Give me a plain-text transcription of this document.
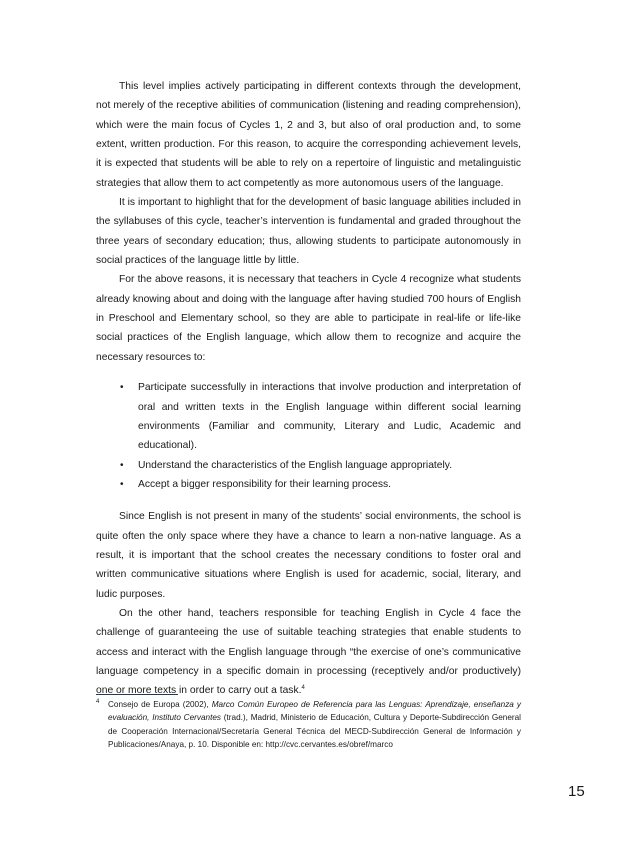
This level implies actively participating in different contexts through the development, not merely of the receptive abilities of communication (listening and reading comprehension), which were the main focus of Cycles 1, 2 and 3, but also of oral production and, to some extent, written production. For this reason, to acquire the corresponding achievement levels, it is expected that students will be able to rely on a repertoire of linguistic and metalinguistic strategies that allow them to act competently as more autonomous users of the language.

It is important to highlight that for the development of basic language abilities included in the syllabuses of this cycle, teacher’s intervention is fundamental and graded throughout the three years of secondary education; thus, allowing students to participate autonomously in social practices of the language little by little.

For the above reasons, it is necessary that teachers in Cycle 4 recognize what students already knowing about and doing with the language after having studied 700 hours of English in Preschool and Elementary school, so they are able to participate in real-life or life-like social practices of the English language, which allow them to recognize and acquire the necessary resources to:

• Participate successfully in interactions that involve production and interpretation of oral and written texts in the English language within different social learning environments (Familiar and community, Literary and Ludic, Academic and educational).
• Understand the characteristics of the English language appropriately.
• Accept a bigger responsibility for their learning process.

Since English is not present in many of the students’ social environments, the school is quite often the only space where they have a chance to learn a non-native language. As a result, it is important that the school creates the necessary conditions to foster oral and written communicative situations where English is used for academic, social, literary, and ludic purposes.

On the other hand, teachers responsible for teaching English in Cycle 4 face the challenge of guaranteeing the use of suitable teaching strategies that enable students to access and interact with the English language through “the exercise of one’s communicative language competency in a specific domain in processing (receptively and/or productively) one or more texts in order to carry out a task.$^4$

4 Consejo de Europa (2002), Marco Común Europeo de Referencia para las Lenguas: Aprendizaje, enseñanza y evaluación, Instituto Cervantes (trad.), Madrid, Ministerio de Educación, Cultura y Deporte-Subdirección General de Cooperación Internacional/Secretaría General Técnica del MECD-Subdirección General de Información y Publicaciones/Anaya, p. 10. Disponible en: http://cvc.cervantes.es/obref/marco
15
